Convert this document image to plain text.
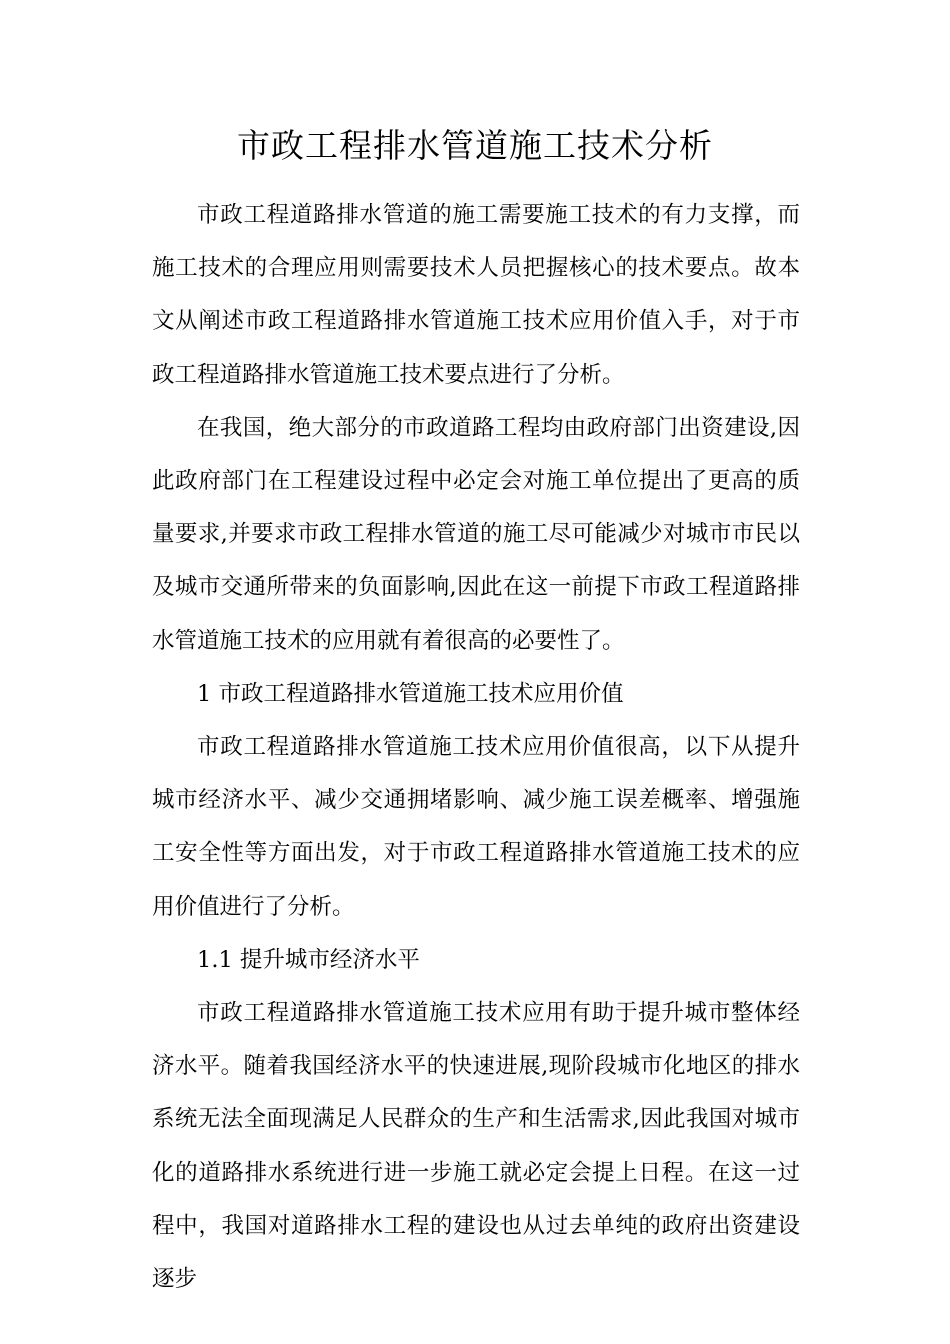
市政工程排水管道施工技术分析

市政工程道路排水管道的施工需要施工技术的有力支撑，而施工技术的合理应用则需要技术人员把握核心的技术要点。故本文从阐述市政工程道路排水管道施工技术应用价值入手，对于市政工程道路排水管道施工技术要点进行了分析。

在我国，绝大部分的市政道路工程均由政府部门出资建设,因此政府部门在工程建设过程中必定会对施工单位提出了更高的质量要求,并要求市政工程排水管道的施工尽可能减少对城市市民以及城市交通所带来的负面影响,因此在这一前提下市政工程道路排水管道施工技术的应用就有着很高的必要性了。

1 市政工程道路排水管道施工技术应用价值

市政工程道路排水管道施工技术应用价值很高，以下从提升城市经济水平、减少交通拥堵影响、减少施工误差概率、增强施工安全性等方面出发，对于市政工程道路排水管道施工技术的应用价值进行了分析。

1.1 提升城市经济水平

市政工程道路排水管道施工技术应用有助于提升城市整体经济水平。随着我国经济水平的快速进展,现阶段城市化地区的排水系统无法全面现满足人民群众的生产和生活需求,因此我国对城市化的道路排水系统进行进一步施工就必定会提上日程。在这一过程中，我国对道路排水工程的建设也从过去单纯的政府出资建设逐步
